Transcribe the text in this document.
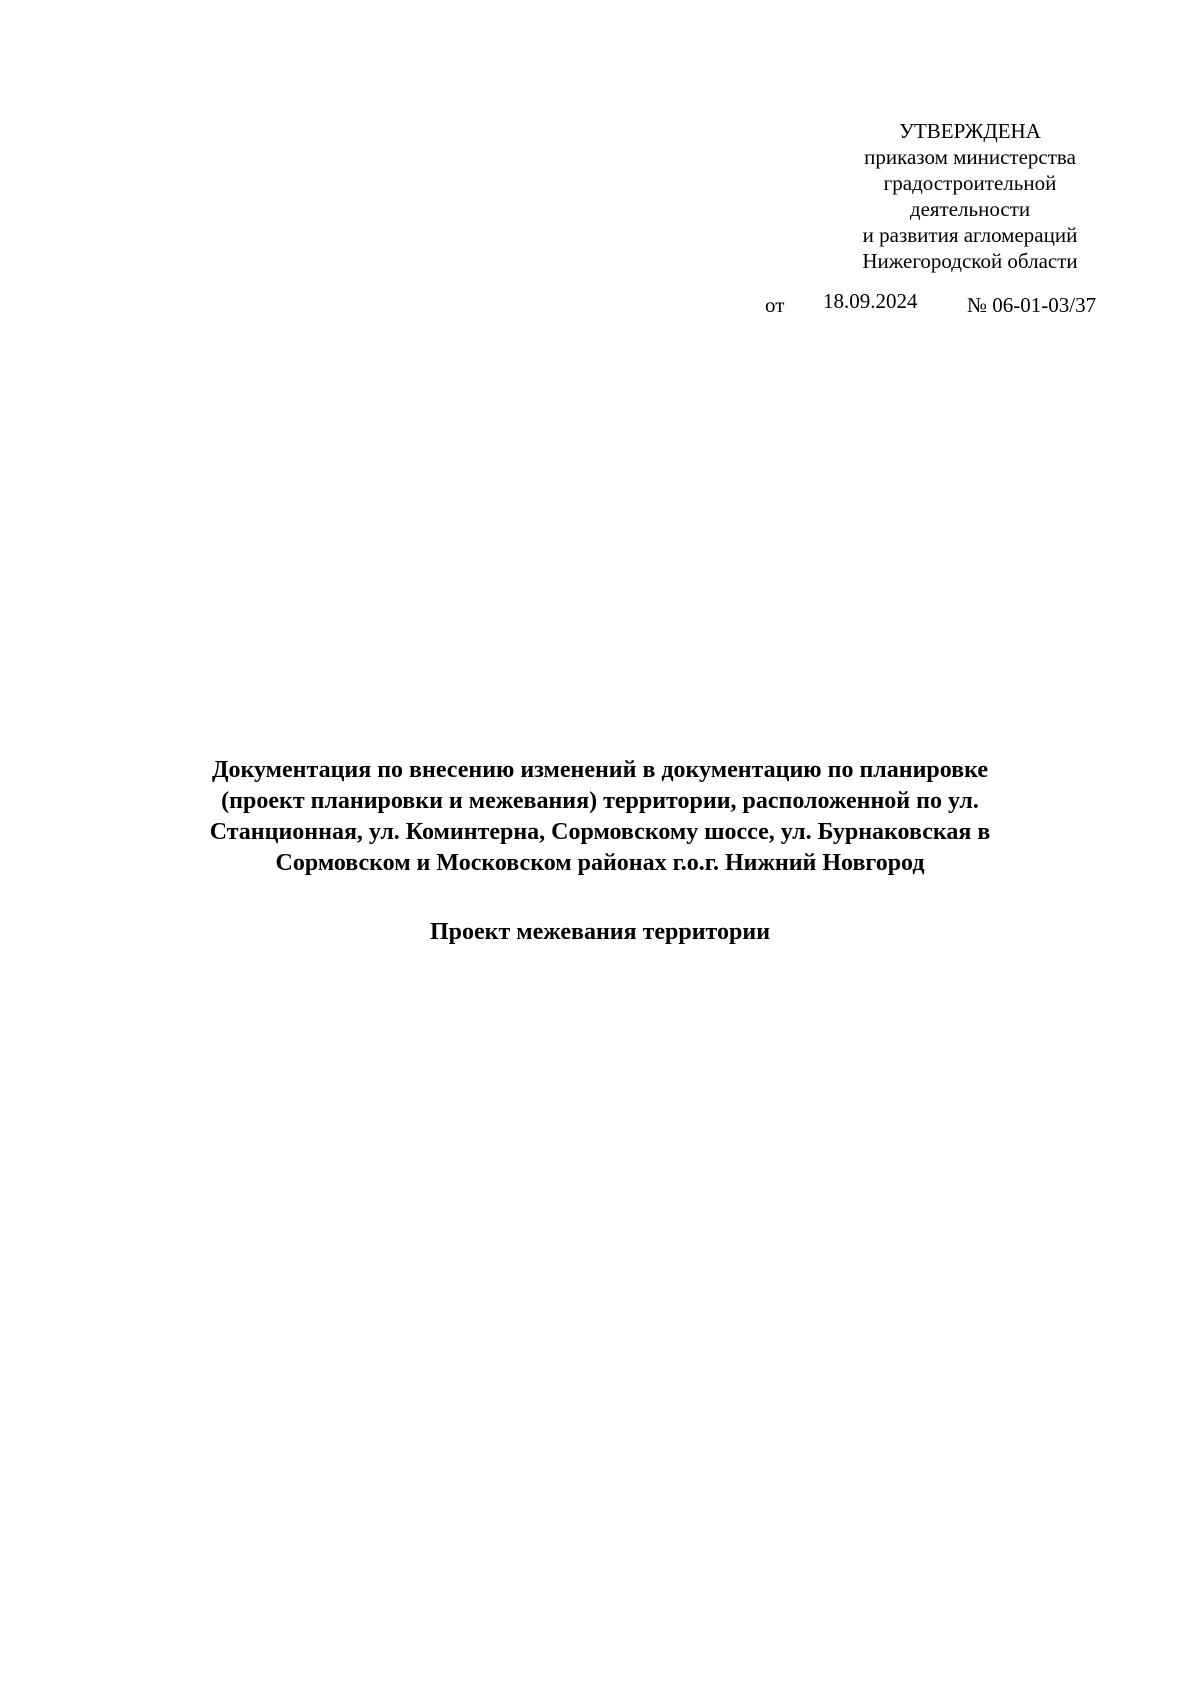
УТВЕРЖДЕНА
приказом министерства
градостроительной
деятельности
и развития агломераций
Нижегородской области
от 18.09.2024 № 06-01-03/37
Документация по внесению изменений в документацию по планировке
(проект планировки и межевания) территории, расположенной по ул.
Станционная, ул. Коминтерна, Сормовскому шоссе, ул. Бурнаковская в
Сормовском и Московском районах г.о.г. Нижний Новгород
Проект межевания территории
